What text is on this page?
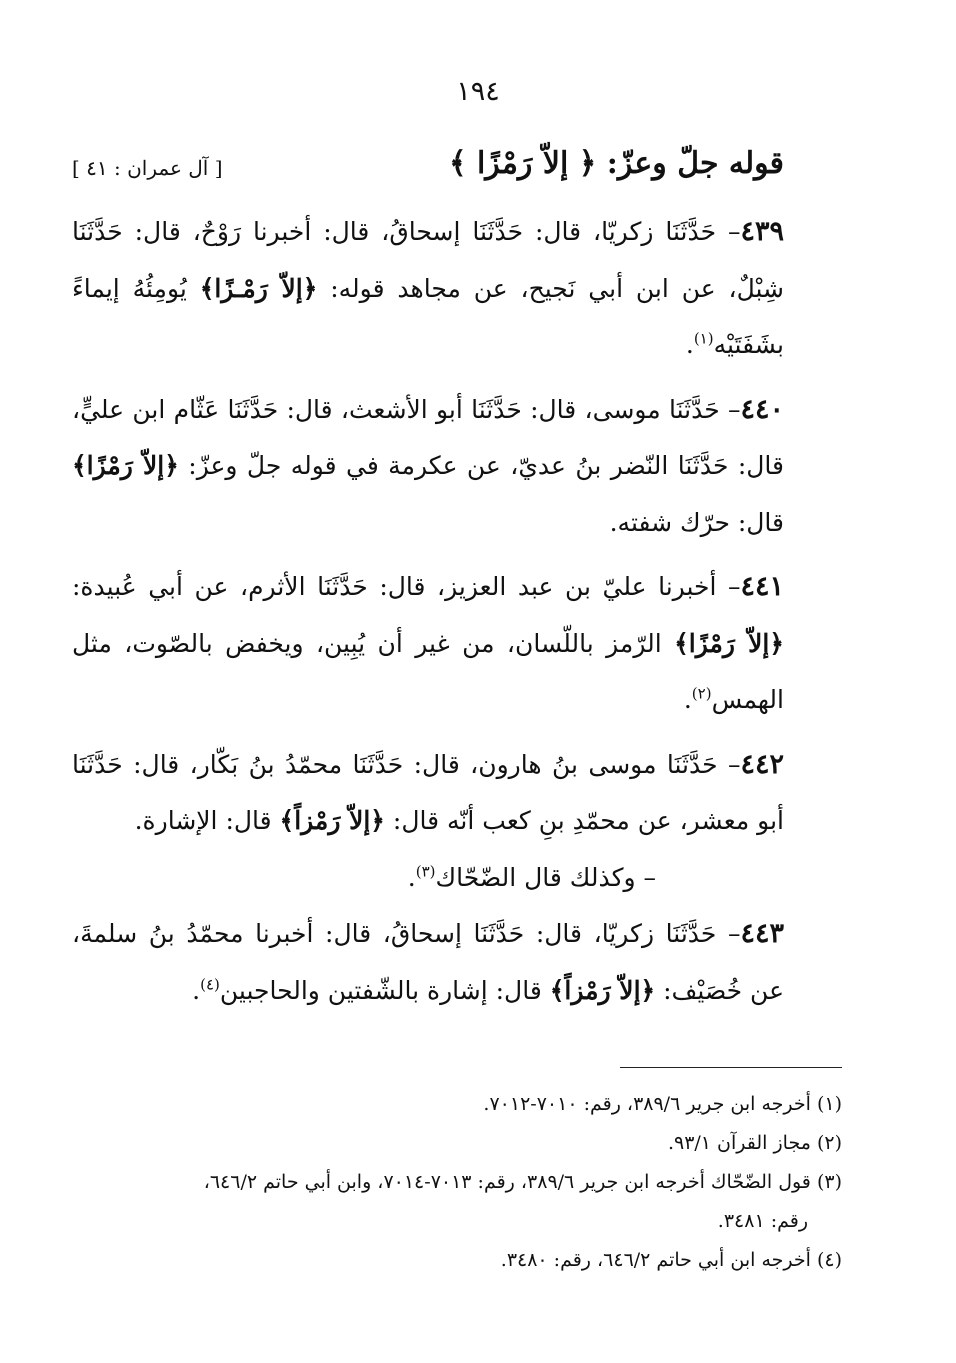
١٩٤
قوله جلّ وعزّ: ﴿ إلاّ رَمْزًا ﴾
[ آل عمران : ٤١ ]

٤٣٩– حَدَّثَنَا زكريّا، قال: حَدَّثَنَا إسحاقُ، قال: أخبرنا رَوْحٌ، قال: حَدَّثَنَا شِبْلٌ، عن ابن أبي نَجيح، عن مجاهد قوله: ﴿إلاّ رَمْـزًا﴾ يُومِئُهُ إيماءً بشَفَتَيْه$^{(١)}$.

٤٤٠– حَدَّثَنَا موسى، قال: حَدَّثَنَا أبو الأشعث، قال: حَدَّثَنَا عَثّام ابن عليٍّ، قال: حَدَّثَنَا النّضر بنُ عديّ، عن عكرمة في قوله جلّ وعزّ: ﴿إلاّ رَمْزًا﴾ قال: حرّك شفته.

٤٤١– أخبرنا عليّ بن عبد العزيز، قال: حَدَّثَنَا الأثرم، عن أبي عُبيدة: ﴿إلاّ رَمْزًا﴾ الرّمز باللّسان، من غير أن يُبِين، ويخفض بالصّوت، مثل الهمس$^{(٢)}$.

٤٤٢– حَدَّثَنَا موسى بنُ هارون، قال: حَدَّثَنَا محمّدُ بنُ بَكّار، قال: حَدَّثَنَا أبو معشر، عن محمّدِ بنِ كعب أنّه قال: ﴿إلاّ رَمْزاً﴾ قال: الإشارة.

– وكذلك قال الضّحّاك$^{(٣)}$.

٤٤٣– حَدَّثَنَا زكريّا، قال: حَدَّثَنَا إسحاقُ، قال: أخبرنا محمّدُ بنُ سلمةَ، عن خُصَيْف: ﴿إلاّ رَمْزاً﴾ قال: إشارة بالشّفتين والحاجبين$^{(٤)}$.

(١) أخرجه ابن جرير ٣٨٩/٦، رقم: ٧٠١٠-٧٠١٢.

(٢) مجاز القرآن ٩٣/١.

(٣) قول الضّحّاك أخرجه ابن جرير ٣٨٩/٦، رقم: ٧٠١٣-٧٠١٤، وابن أبي حاتم ٦٤٦/٢،

رقم: ٣٤٨١.

(٤) أخرجه ابن أبي حاتم ٦٤٦/٢، رقم: ٣٤٨٠.
